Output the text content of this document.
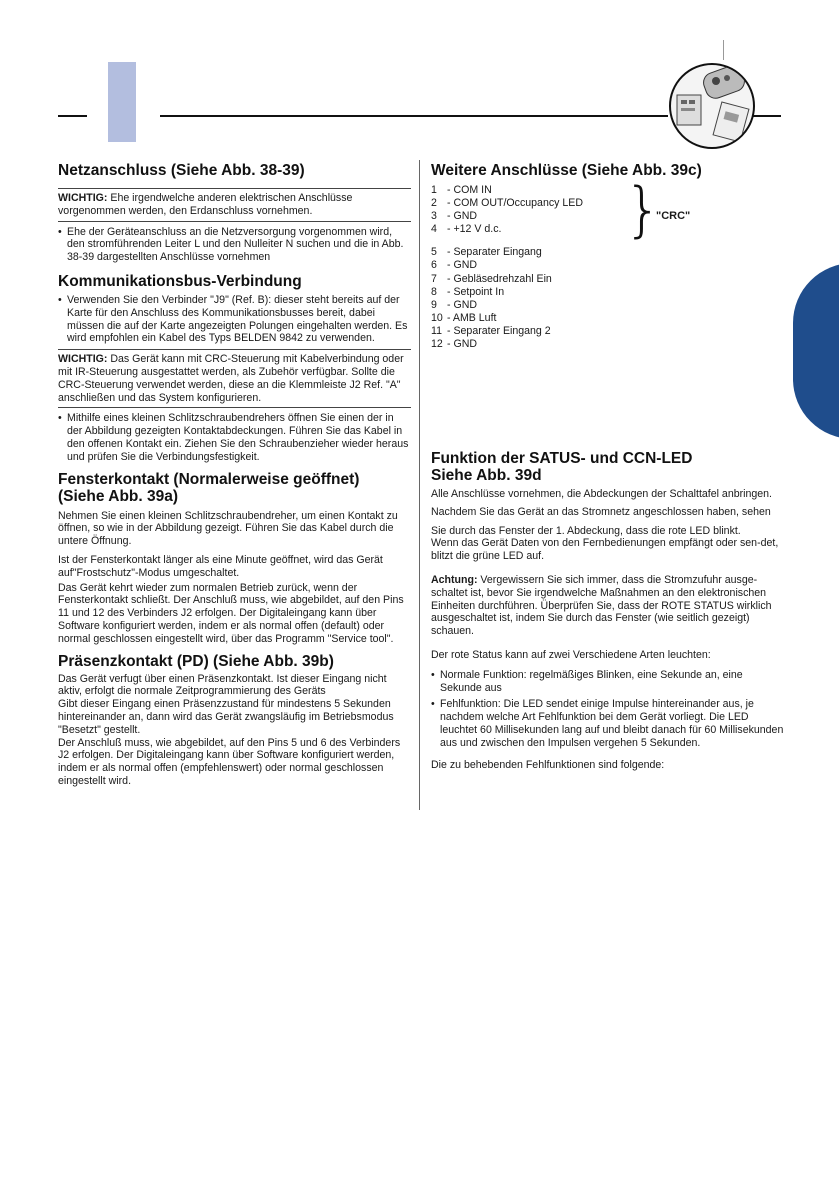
Netzanschluss (Siehe Abb. 38-39)

WICHTIG: Ehe irgendwelche anderen elektrischen Anschlüsse vorgenommen werden, den Erdanschluss vornehmen.

• Ehe der Geräteanschluss an die Netzversorgung vorgenommen wird, den stromführenden Leiter L und den Nulleiter N suchen und die in Abb. 38-39 dargestellten Anschlüsse vornehmen

Kommunikationsbus-Verbindung

• Verwenden Sie den Verbinder "J9" (Ref. B): dieser steht bereits auf der Karte für den Anschluss des Kommunikationsbusses bereit, dabei müssen die auf der Karte angezeigten Polungen eingehalten werden. Es wird empfohlen ein Kabel des Typs BELDEN 9842 zu verwenden.

WICHTIG: Das Gerät kann mit CRC-Steuerung mit Kabelverbindung oder mit IR-Steuerung ausgestattet werden, als Zubehör verfügbar. Sollte die CRC-Steuerung verwendet werden, diese an die Klemmleiste J2 Ref. "A" anschließen und das System konfigurieren.

• Mithilfe eines kleinen Schlitzschraubendrehers öffnen Sie einen der in der Abbildung gezeigten Kontaktabdeckungen. Führen Sie das Kabel in den offenen Kontakt ein. Ziehen Sie den Schraubenzieher wieder heraus und prüfen Sie die Verbindungsfestigkeit.

Fensterkontakt (Normalerweise geöffnet)
(Siehe Abb. 39a)

Nehmen Sie einen kleinen Schlitzschraubendreher, um einen Kontakt zu öffnen, so wie in der Abbildung gezeigt. Führen Sie das Kabel durch die untere Öffnung.

Ist der Fensterkontakt länger als eine Minute geöffnet, wird das Gerät auf"Frostschutz"-Modus umgeschaltet.

Das Gerät kehrt wieder zum normalen Betrieb zurück, wenn der Fensterkontakt schließt. Der Anschluß muss, wie abgebildet, auf den Pins 11 und 12 des Verbinders J2 erfolgen. Der Digitaleingang kann über Software konfiguriert werden, indem er als normal offen (default) oder normal geschlossen eingestellt wird, über das Programm "Service tool".

Präsenzkontakt (PD) (Siehe Abb. 39b)

Das Gerät verfugt über einen Präsenzkontakt. Ist dieser Eingang nicht aktiv, erfolgt die normale Zeitprogrammierung des Geräts

Gibt dieser Eingang einen Präsenzzustand für mindestens 5 Sekunden hintereinander an, dann wird das Gerät zwangsläufig im Betriebsmodus "Besetzt" gestellt.

Der Anschluß muss, wie abgebildet, auf den Pins 5 und 6 des Verbinders J2 erfolgen. Der Digitaleingang kann über Software konfiguriert werden, indem er als normal offen (empfehlenswert) oder normal geschlossen eingestellt wird.

Weitere Anschlüsse (Siehe Abb. 39c)
1 - COM IN
2 - COM OUT/Occupancy LED
3 - GND
4 - +12 V d.c.
5 - Separater Eingang
6 - GND
7 - Gebläsedrehzahl Ein
8 - Setpoint In
9 - GND
10 - AMB Luft
11 - Separater Eingang 2
12 - GND
}
"CRC"
Funktion der SATUS- und CCN-LED
Siehe Abb. 39d

Alle Anschlüsse vornehmen, die Abdeckungen der Schalttafel anbringen.

Nachdem Sie das Gerät an das Stromnetz angeschlossen haben, sehen

Sie durch das Fenster der 1. Abdeckung, dass die rote LED blinkt.

Wenn das Gerät Daten von den Fernbedienungen empfängt oder sen-det, blitzt die grüne LED auf.

Achtung: Vergewissern Sie sich immer, dass die Stromzufuhr ausge-schaltet ist, bevor Sie irgendwelche Maßnahmen an den elektronischen Einheiten durchführen. Überprüfen Sie, dass der ROTE STATUS wirklich ausgeschaltet ist, indem Sie durch das Fenster (wie seitlich gezeigt) schauen.

Der rote Status kann auf zwei Verschiedene Arten leuchten:

• Normale Funktion: regelmäßiges Blinken, eine Sekunde an, eine Sekunde aus

• Fehlfunktion: Die LED sendet einige Impulse hintereinander aus, je nachdem welche Art Fehlfunktion bei dem Gerät vorliegt. Die LED leuchtet 60 Millisekunden lang auf und bleibt danach für 60 Millisekunden aus und zwischen den Impulsen vergehen 5 Sekunden.

Die zu behebenden Fehlfunktionen sind folgende:
